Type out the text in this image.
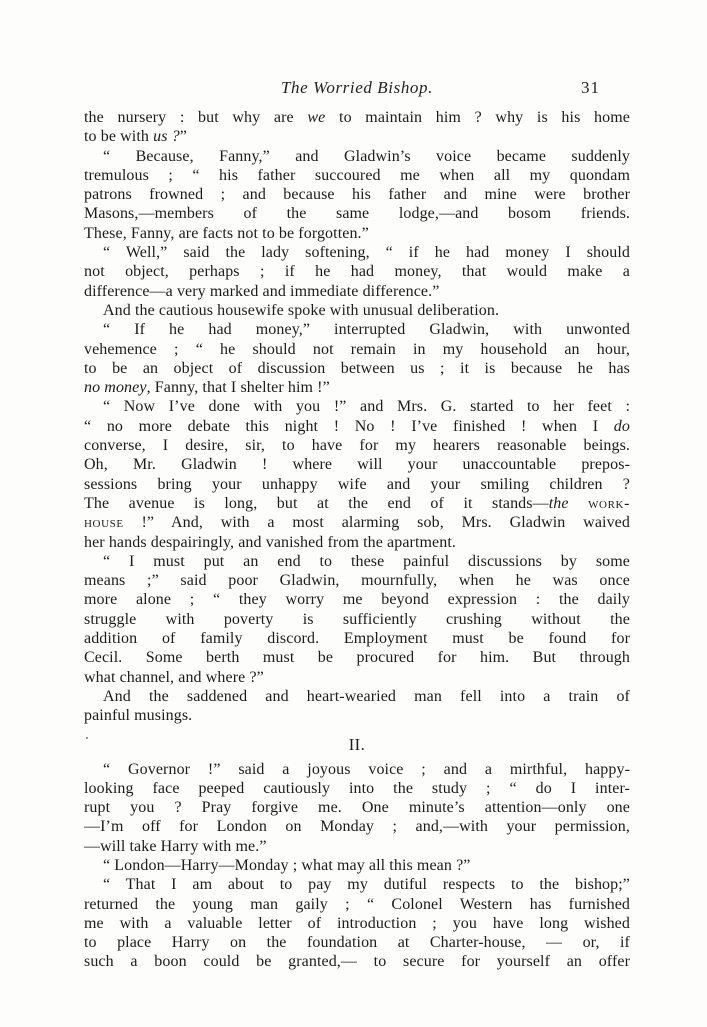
The Worried Bishop.	31
the nursery : but why are we to maintain him ? why is his home
to be with us ?”
“ Because, Fanny,” and Gladwin’s voice became suddenly
tremulous ; “ his father succoured me when all my quondam
patrons frowned ; and because his father and mine were brother
Masons,—members of the same lodge,—and bosom friends.
These, Fanny, are facts not to be forgotten.”
“ Well,” said the lady softening, “ if he had money I should
not object, perhaps ; if he had money, that would make a
difference—a very marked and immediate difference.”
And the cautious housewife spoke with unusual deliberation.
“ If he had money,” interrupted Gladwin, with unwonted
vehemence ; “ he should not remain in my household an hour,
to be an object of discussion between us ; it is because he has
no money, Fanny, that I shelter him !”
“ Now I’ve done with you !” and Mrs. G. started to her feet :
“ no more debate this night ! No ! I’ve finished ! when I do
converse, I desire, sir, to have for my hearers reasonable beings.
Oh, Mr. Gladwin ! where will your unaccountable prepos-
sessions bring your unhappy wife and your smiling children ?
The avenue is long, but at the end of it stands—the work-
house !” And, with a most alarming sob, Mrs. Gladwin waived
her hands despairingly, and vanished from the apartment.
“ I must put an end to these painful discussions by some
means ;” said poor Gladwin, mournfully, when he was once
more alone ; “ they worry me beyond expression : the daily
struggle with poverty is sufficiently crushing without the
addition of family discord. Employment must be found for
Cecil. Some berth must be procured for him. But through
what channel, and where ?”
And the saddened and heart-wearied man fell into a train of
painful musings.
II.
“ Governor !” said a joyous voice ; and a mirthful, happy-
looking face peeped cautiously into the study ; “ do I inter-
rupt you ? Pray forgive me. One minute’s attention—only one
—I’m off for London on Monday ; and,—with your permission,
—will take Harry with me.”
“ London—Harry—Monday ; what may all this mean ?”
“ That I am about to pay my dutiful respects to the bishop;”
returned the young man gaily ; “ Colonel Western has furnished
me with a valuable letter of introduction ; you have long wished
to place Harry on the foundation at Charter-house, — or, if
such a boon could be granted,— to secure for yourself an offer
